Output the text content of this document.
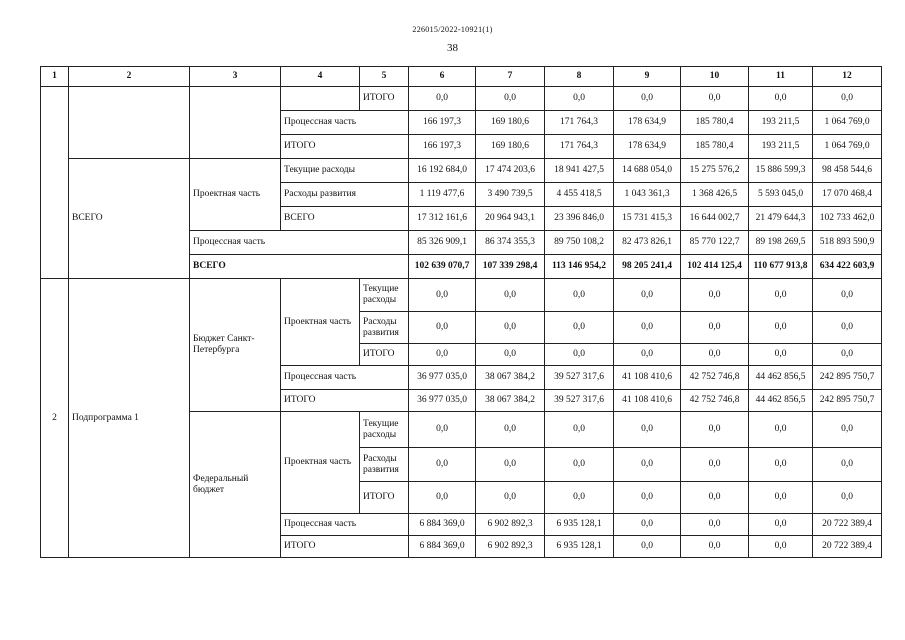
226015/2022-10921(1)
38
1	2	3	4	5	6	7	8	9	10	11	12
				ИТОГО	0,0	0,0	0,0	0,0	0,0	0,0	0,0
			Процессная часть		166 197,3	169 180,6	171 764,3	178 634,9	185 780,4	193 211,5	1 064 769,0
			ИТОГО		166 197,3	169 180,6	171 764,3	178 634,9	185 780,4	193 211,5	1 064 769,0
	ВСЕГО	Проектная часть	Текущие расходы		16 192 684,0	17 474 203,6	18 941 427,5	14 688 054,0	15 275 576,2	15 886 599,3	98 458 544,6
			Расходы развития		1 119 477,6	3 490 739,5	4 455 418,5	1 043 361,3	1 368 426,5	5 593 045,0	17 070 468,4
			ВСЕГО		17 312 161,6	20 964 943,1	23 396 846,0	15 731 415,3	16 644 002,7	21 479 644,3	102 733 462,0
		Процессная часть			85 326 909,1	86 374 355,3	89 750 108,2	82 473 826,1	85 770 122,7	89 198 269,5	518 893 590,9
		ВСЕГО			102 639 070,7	107 339 298,4	113 146 954,2	98 205 241,4	102 414 125,4	110 677 913,8	634 422 603,9
2	Подпрограмма 1	Бюджет Санкт-Петербурга	Проектная часть	Текущие расходы	0,0	0,0	0,0	0,0	0,0	0,0	0,0
				Расходы развития	0,0	0,0	0,0	0,0	0,0	0,0	0,0
				ИТОГО	0,0	0,0	0,0	0,0	0,0	0,0	0,0
			Процессная часть		36 977 035,0	38 067 384,2	39 527 317,6	41 108 410,6	42 752 746,8	44 462 856,5	242 895 750,7
			ИТОГО		36 977 035,0	38 067 384,2	39 527 317,6	41 108 410,6	42 752 746,8	44 462 856,5	242 895 750,7
		Федеральный бюджет	Проектная часть	Текущие расходы	0,0	0,0	0,0	0,0	0,0	0,0	0,0
				Расходы развития	0,0	0,0	0,0	0,0	0,0	0,0	0,0
				ИТОГО	0,0	0,0	0,0	0,0	0,0	0,0	0,0
			Процессная часть		6 884 369,0	6 902 892,3	6 935 128,1	0,0	0,0	0,0	20 722 389,4
			ИТОГО		6 884 369,0	6 902 892,3	6 935 128,1	0,0	0,0	0,0	20 722 389,4
